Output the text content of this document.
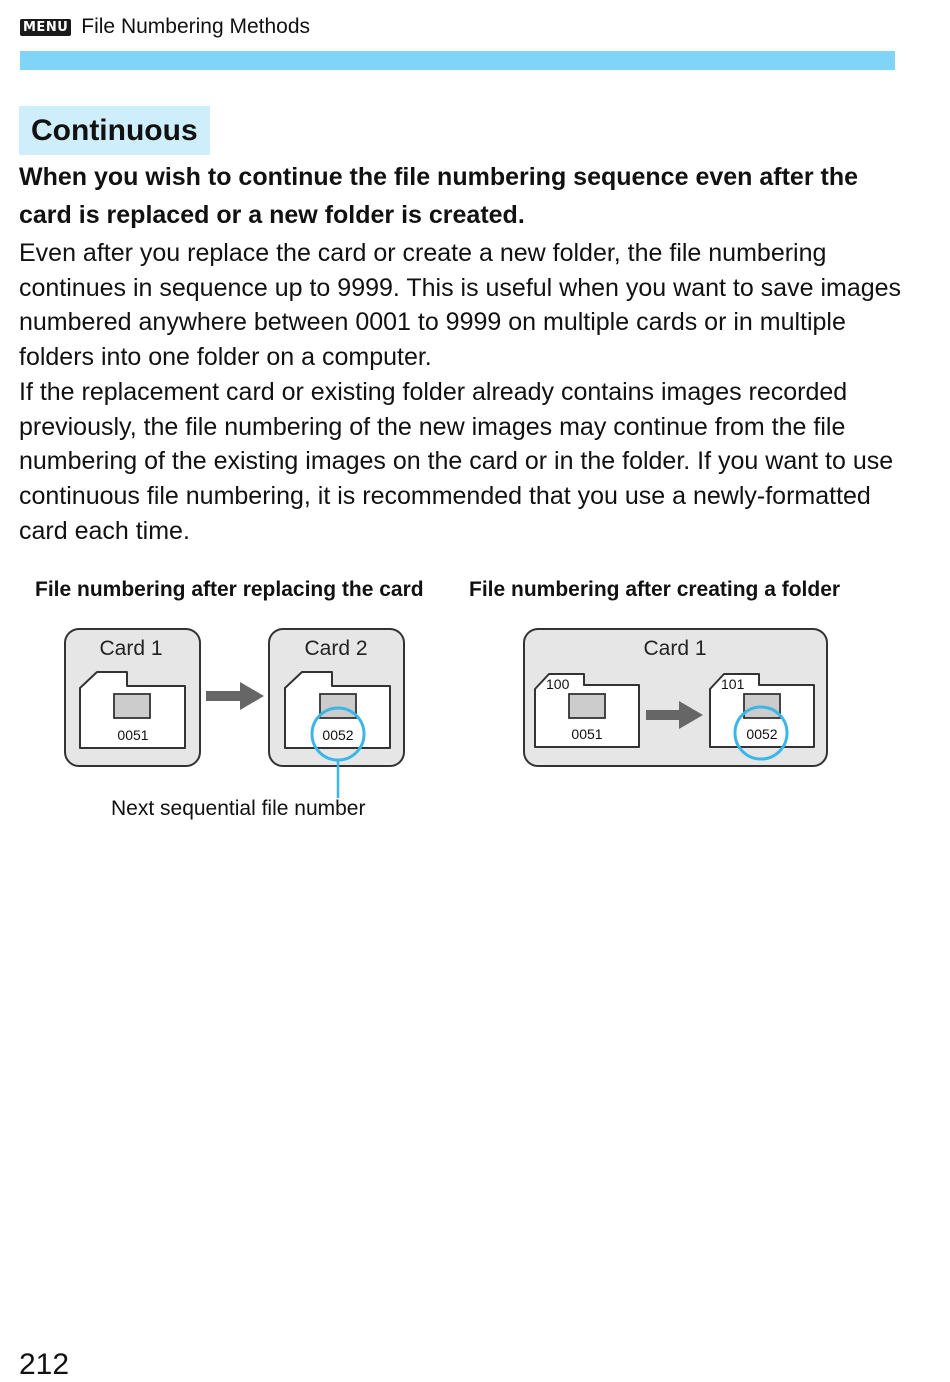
MENU File Numbering Methods
Continuous
When you wish to continue the file numbering sequence even after the card is replaced or a new folder is created.

Even after you replace the card or create a new folder, the file numbering continues in sequence up to 9999. This is useful when you want to save images numbered anywhere between 0001 to 9999 on multiple cards or in multiple folders into one folder on a computer.

If the replacement card or existing folder already contains images recorded previously, the file numbering of the new images may continue from the file numbering of the existing images on the card or in the folder. If you want to use continuous file numbering, it is recommended that you use a newly-formatted card each time.

File numbering after replacing the card File numbering after creating a folder
Card 1
0051
Card 2
0052
Card 1
100
0051
101
0052
Next sequential file number
212
